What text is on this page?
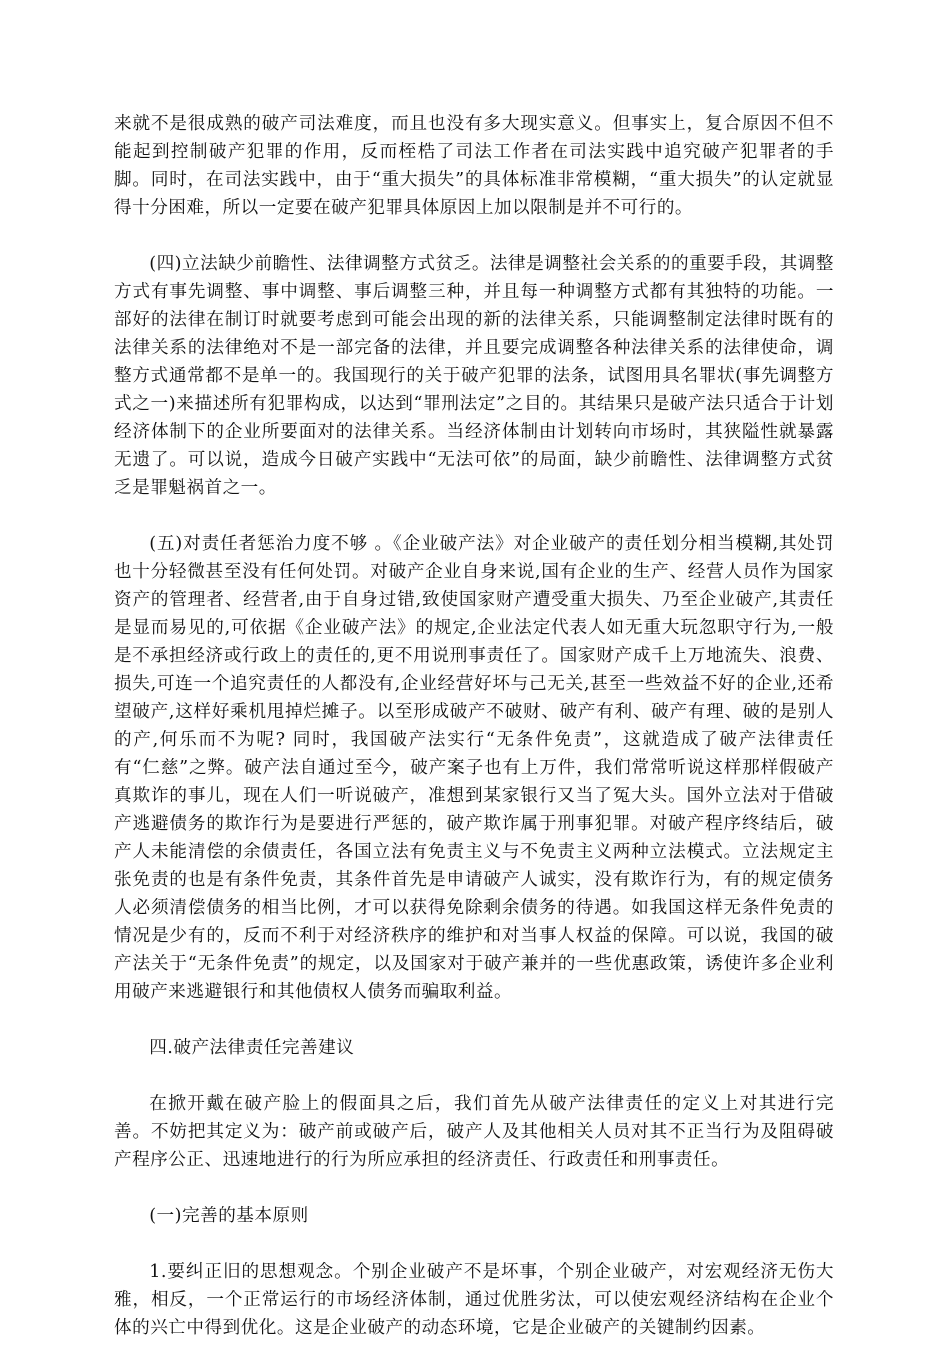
来就不是很成熟的破产司法难度，而且也没有多大现实意义。但事实上，复合原因不但不能起到控制破产犯罪的作用，反而桎梏了司法工作者在司法实践中追究破产犯罪者的手脚。同时，在司法实践中，由于“重大损失”的具体标准非常模糊，“重大损失”的认定就显得十分困难，所以一定要在破产犯罪具体原因上加以限制是并不可行的。

(四)立法缺少前瞻性、法律调整方式贫乏。法律是调整社会关系的的重要手段，其调整方式有事先调整、事中调整、事后调整三种，并且每一种调整方式都有其独特的功能。一部好的法律在制订时就要考虑到可能会出现的新的法律关系，只能调整制定法律时既有的法律关系的法律绝对不是一部完备的法律，并且要完成调整各种法律关系的法律使命，调整方式通常都不是单一的。我国现行的关于破产犯罪的法条，试图用具名罪状(事先调整方式之一)来描述所有犯罪构成，以达到“罪刑法定”之目的。其结果只是破产法只适合于计划经济体制下的企业所要面对的法律关系。当经济体制由计划转向市场时，其狭隘性就暴露无遗了。可以说，造成今日破产实践中“无法可依”的局面，缺少前瞻性、法律调整方式贫乏是罪魁祸首之一。

(五)对责任者惩治力度不够 。《企业破产法》对企业破产的责任划分相当模糊,其处罚也十分轻微甚至没有任何处罚。对破产企业自身来说,国有企业的生产、经营人员作为国家资产的管理者、经营者,由于自身过错,致使国家财产遭受重大损失、乃至企业破产,其责任是显而易见的,可依据《企业破产法》的规定,企业法定代表人如无重大玩忽职守行为,一般是不承担经济或行政上的责任的,更不用说刑事责任了。国家财产成千上万地流失、浪费、损失,可连一个追究责任的人都没有,企业经营好坏与己无关,甚至一些效益不好的企业,还希望破产,这样好乘机甩掉烂摊子。以至形成破产不破财、破产有利、破产有理、破的是别人的产,何乐而不为呢? 同时，我国破产法实行“无条件免责”，这就造成了破产法律责任有“仁慈”之弊。破产法自通过至今，破产案子也有上万件，我们常常听说这样那样假破产真欺诈的事儿，现在人们一听说破产，准想到某家银行又当了冤大头。国外立法对于借破产逃避债务的欺诈行为是要进行严惩的，破产欺诈属于刑事犯罪。对破产程序终结后，破产人未能清偿的余债责任，各国立法有免责主义与不免责主义两种立法模式。立法规定主张免责的也是有条件免责，其条件首先是申请破产人诚实，没有欺诈行为，有的规定债务人必须清偿债务的相当比例，才可以获得免除剩余债务的待遇。如我国这样无条件免责的情况是少有的，反而不利于对经济秩序的维护和对当事人权益的保障。可以说，我国的破产法关于“无条件免责”的规定，以及国家对于破产兼并的一些优惠政策，诱使许多企业利用破产来逃避银行和其他债权人债务而骗取利益。

四.破产法律责任完善建议

在掀开戴在破产脸上的假面具之后，我们首先从破产法律责任的定义上对其进行完善。不妨把其定义为：破产前或破产后，破产人及其他相关人员对其不正当行为及阻碍破产程序公正、迅速地进行的行为所应承担的经济责任、行政责任和刑事责任。

(一)完善的基本原则

1.要纠正旧的思想观念。个别企业破产不是坏事，个别企业破产，对宏观经济无伤大雅，相反，一个正常运行的市场经济体制，通过优胜劣汰，可以使宏观经济结构在企业个体的兴亡中得到优化。这是企业破产的动态环境，它是企业破产的关键制约因素。
